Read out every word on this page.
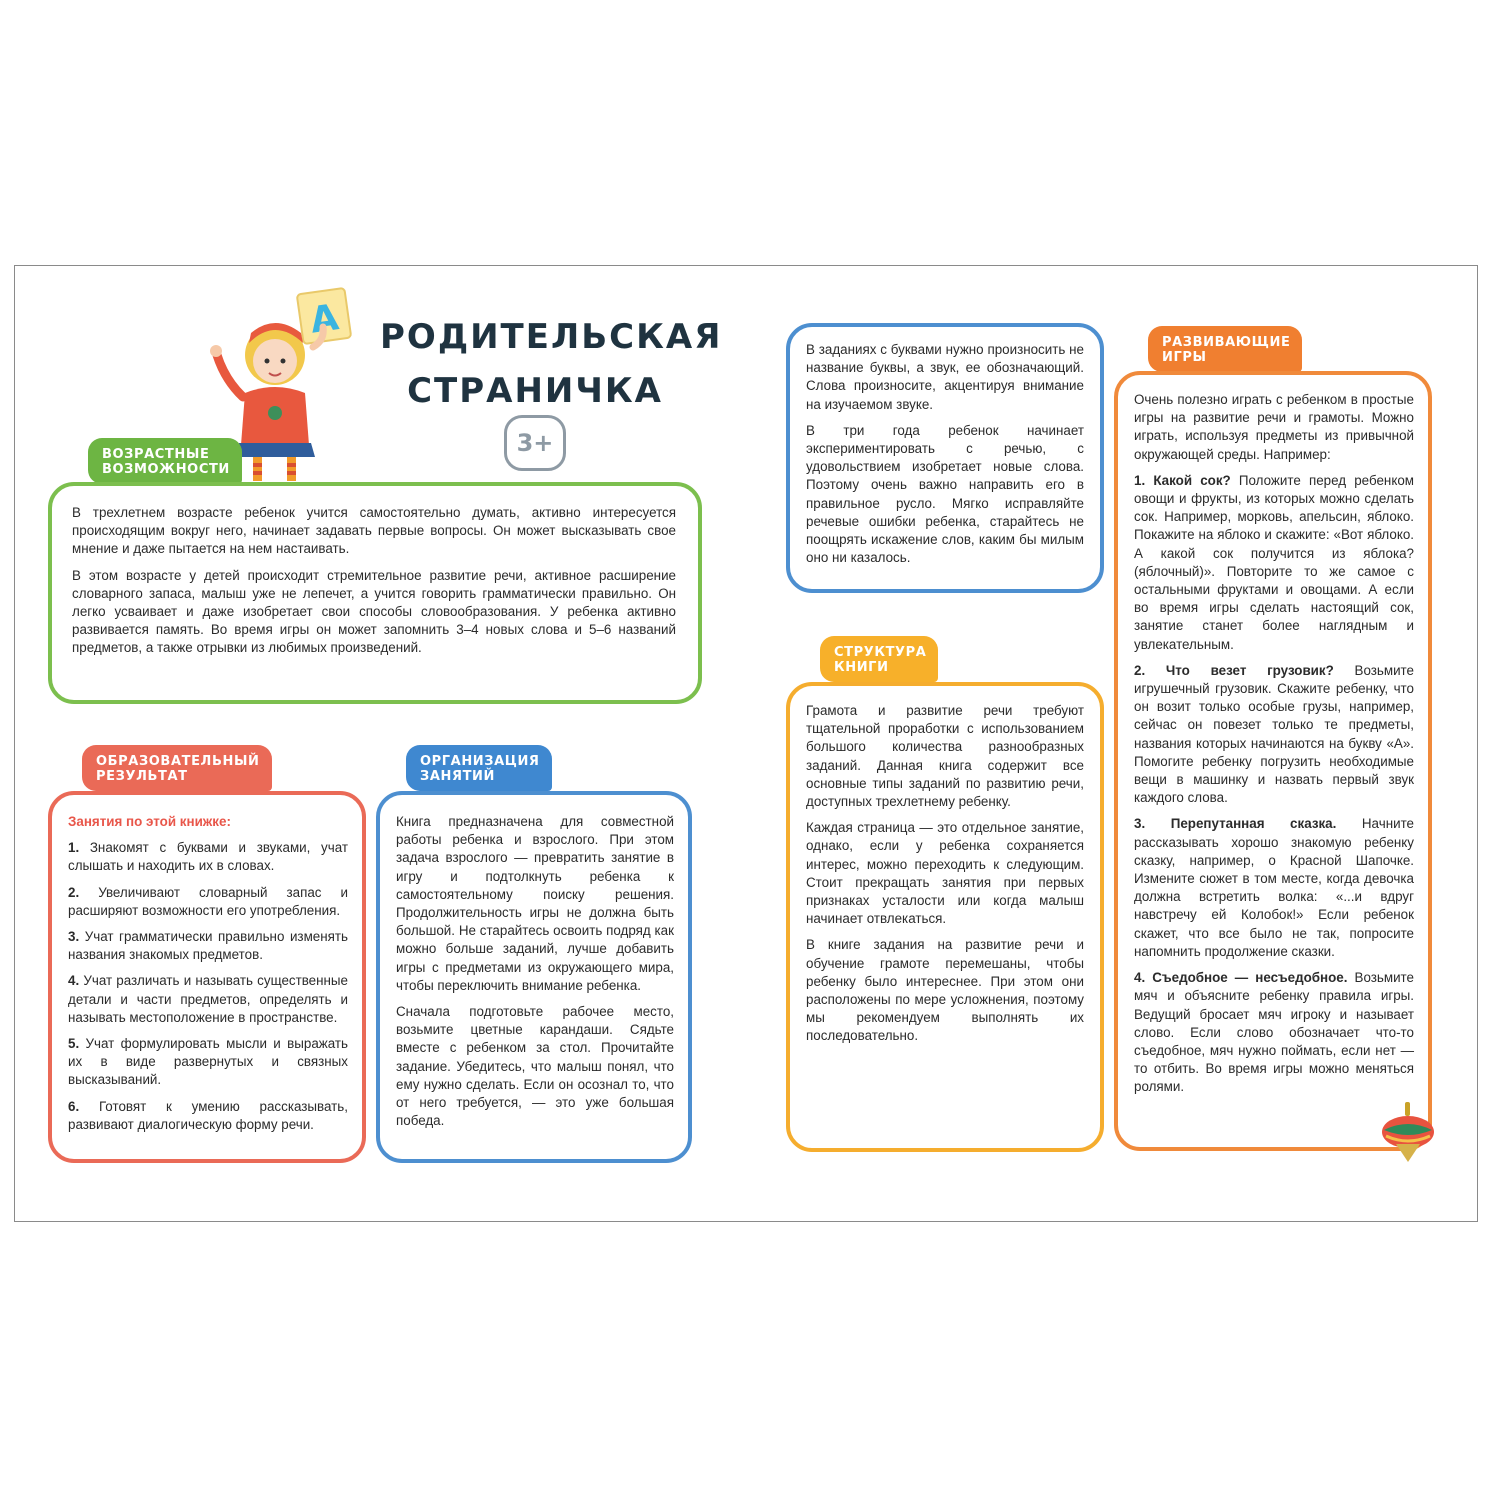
А РОДИТЕЛЬСКАЯ
СТРАНИЧКА
3+
ВОЗРАСТНЫЕ
ВОЗМОЖНОСТИ

В трехлетнем возрасте ребенок учится самостоятельно думать, активно интересуется происходящим вокруг него, начинает задавать первые вопросы. Он может высказывать свое мнение и даже пытается на нем настаивать.

В этом возрасте у детей происходит стремительное развитие речи, активное расширение словарного запаса, малыш уже не лепечет, а учится говорить грамматически правильно. Он легко усваивает и даже изобретает свои способы словообразования. У ребенка активно развивается память. Во время игры он может запомнить 3–4 новых слова и 5–6 названий предметов, а также отрывки из любимых произведений.

ОБРАЗОВАТЕЛЬНЫЙ
РЕЗУЛЬТАТ

Занятия по этой книжке:

1. Знакомят с буквами и звуками, учат слышать и находить их в словах.

2. Увеличивают словарный запас и расширяют возможности его употребления.

3. Учат грамматически правильно изменять названия знакомых предметов.

4. Учат различать и называть существенные детали и части предметов, определять и называть местоположение в пространстве.

5. Учат формулировать мысли и выражать их в виде развернутых и связных высказываний.

6. Готовят к умению рассказывать, развивают диалогическую форму речи.

ОРГАНИЗАЦИЯ
ЗАНЯТИЙ

Книга предназначена для совместной работы ребенка и взрослого. При этом задача взрослого — превратить занятие в игру и подтолкнуть ребенка к самостоятельному поиску решения. Продолжительность игры не должна быть большой. Не старайтесь освоить подряд как можно больше заданий, лучше добавить игры с предметами из окружающего мира, чтобы переключить внимание ребенка.

Сначала подготовьте рабочее место, возьмите цветные карандаши. Сядьте вместе с ребенком за стол. Прочитайте задание. Убедитесь, что малыш понял, что ему нужно сделать. Если он осознал то, что от него требуется, — это уже большая победа.

В заданиях с буквами нужно произносить не название буквы, а звук, ее обозначающий. Слова произносите, акцентируя внимание на изучаемом звуке.

В три года ребенок начинает экспериментировать с речью, с удовольствием изобретает новые слова. Поэтому очень важно направить его в правильное русло. Мягко исправляйте речевые ошибки ребенка, старайтесь не поощрять искажение слов, каким бы милым оно ни казалось.

СТРУКТУРА
КНИГИ

Грамота и развитие речи требуют тщательной проработки с использованием большого количества разнообразных заданий. Данная книга содержит все основные типы заданий по развитию речи, доступных трехлетнему ребенку.

Каждая страница — это отдельное занятие, однако, если у ребенка сохраняется интерес, можно переходить к следующим. Стоит прекращать занятия при первых признаках усталости или когда малыш начинает отвлекаться.

В книге задания на развитие речи и обучение грамоте перемешаны, чтобы ребенку было интереснее. При этом они расположены по мере усложнения, поэтому мы рекомендуем выполнять их последовательно.

РАЗВИВАЮЩИЕ
ИГРЫ

Очень полезно играть с ребенком в простые игры на развитие речи и грамоты. Можно играть, используя предметы из привычной окружающей среды. Например:

1. Какой сок? Положите перед ребенком овощи и фрукты, из которых можно сделать сок. Например, морковь, апельсин, яблоко. Покажите на яблоко и скажите: «Вот яблоко. А какой сок получится из яблока? (яблочный)». Повторите то же самое с остальными фруктами и овощами. А если во время игры сделать настоящий сок, занятие станет более наглядным и увлекательным.

2. Что везет грузовик? Возьмите игрушечный грузовик. Скажите ребенку, что он возит только особые грузы, например, сейчас он повезет только те предметы, названия которых начинаются на букву «А». Помогите ребенку погрузить необходимые вещи в машинку и назвать первый звук каждого слова.

3. Перепутанная сказка. Начните рассказывать хорошо знакомую ребенку сказку, например, о Красной Шапочке. Измените сюжет в том месте, когда девочка должна встретить волка: «...и вдруг навстречу ей Колобок!» Если ребенок скажет, что все было не так, попросите напомнить продолжение сказки.

4. Съедобное — несъедобное. Возьмите мяч и объясните ребенку правила игры. Ведущий бросает мяч игроку и называет слово. Если слово обозначает что-то съедобное, мяч нужно поймать, если нет — то отбить. Во время игры можно меняться ролями.
